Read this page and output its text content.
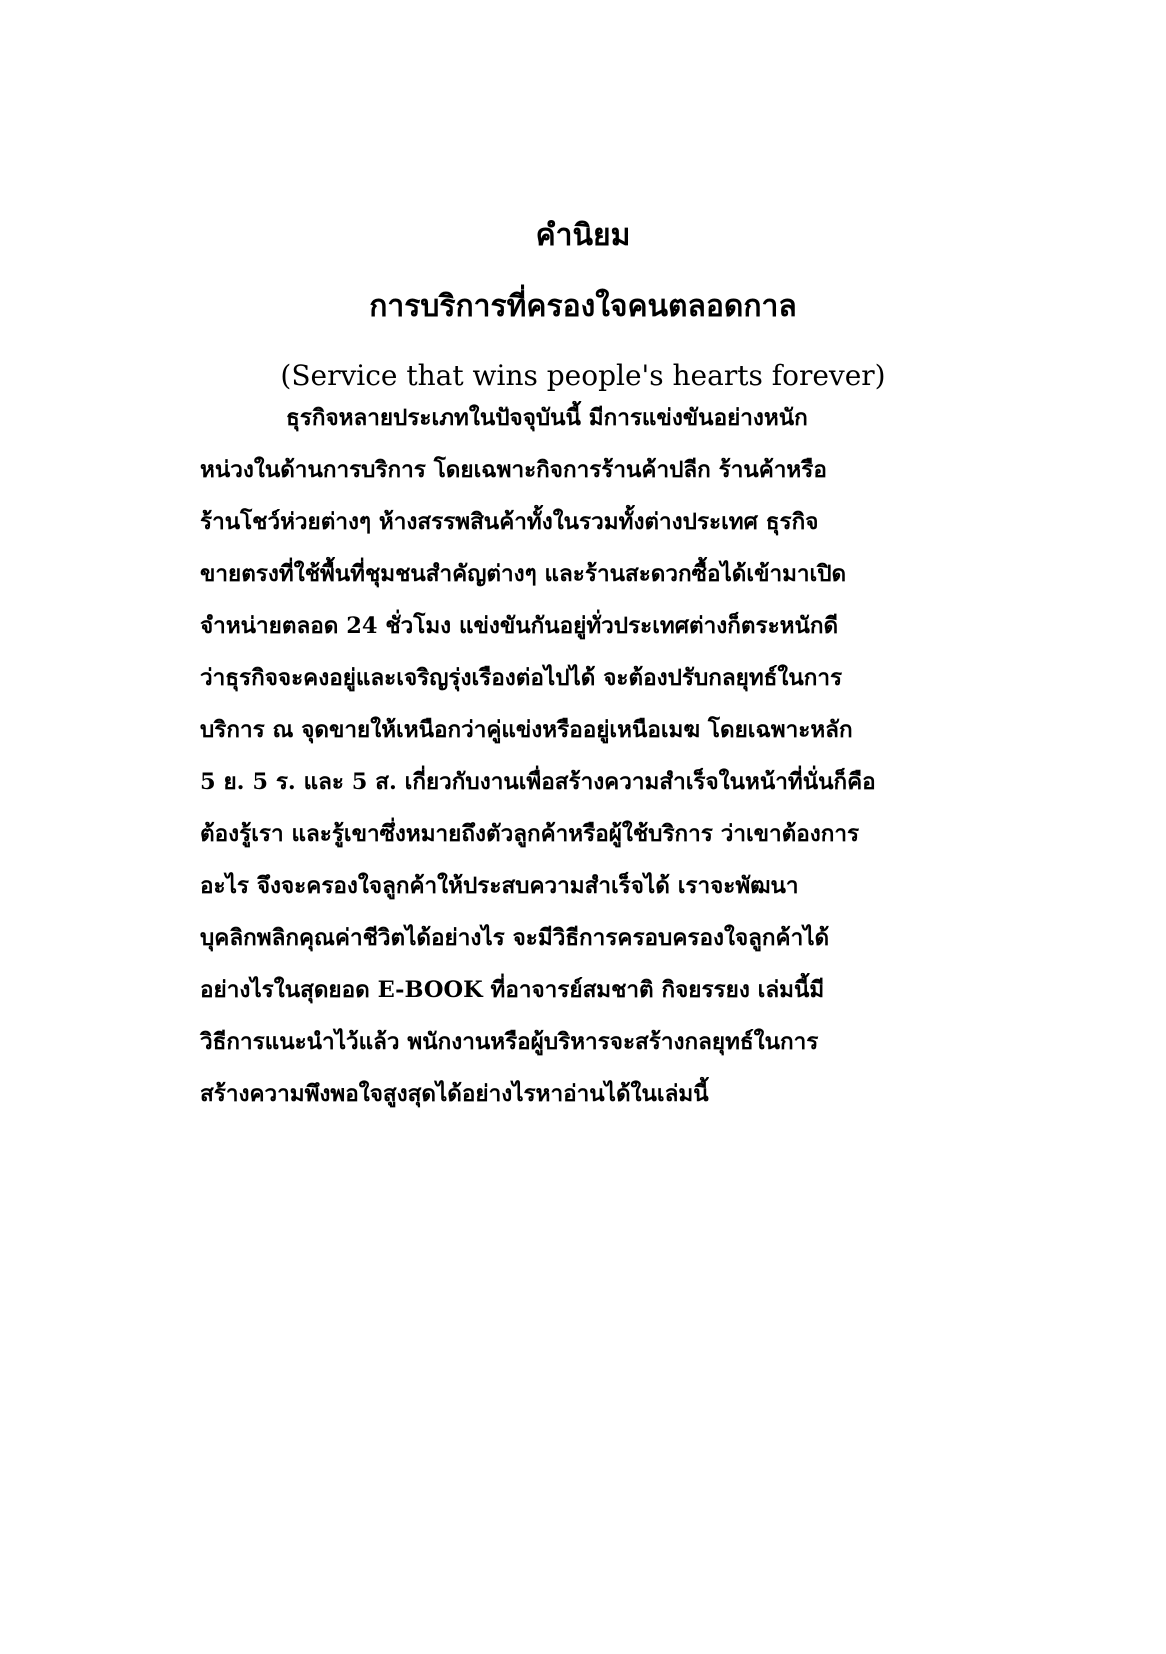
คำนิยม
การบริการที่ครองใจคนตลอดกาล
(Service that wins people's hearts forever)
ธุรกิจหลายประเภทในปัจจุบันนี้ มีการแข่งขันอย่างหนัก
หน่วงในด้านการบริการ โดยเฉพาะกิจการร้านค้าปลีก ร้านค้าหรือ
ร้านโชว์ห่วยต่างๆ ห้างสรรพสินค้าทั้งในรวมทั้งต่างประเทศ ธุรกิจ
ขายตรงที่ใช้พื้นที่ชุมชนสำคัญต่างๆ และร้านสะดวกซื้อได้เข้ามาเปิด
จำหน่ายตลอด 24 ชั่วโมง แข่งขันกันอยู่ทั่วประเทศต่างก็ตระหนักดี
ว่าธุรกิจจะคงอยู่และเจริญรุ่งเรืองต่อไปได้ จะต้องปรับกลยุทธ์ในการ
บริการ ณ จุดขายให้เหนือกว่าคู่แข่งหรืออยู่เหนือเมฆ โดยเฉพาะหลัก
5 ย. 5 ร. และ 5 ส. เกี่ยวกับงานเพื่อสร้างความสำเร็จในหน้าที่นั่นก็คือ
ต้องรู้เรา และรู้เขาซึ่งหมายถึงตัวลูกค้าหรือผู้ใช้บริการ ว่าเขาต้องการ
อะไร จึงจะครองใจลูกค้าให้ประสบความสำเร็จได้ เราจะพัฒนา
บุคลิกพลิกคุณค่าชีวิตได้อย่างไร จะมีวิธีการครอบครองใจลูกค้าได้
อย่างไรในสุดยอด E-BOOK ที่อาจารย์สมชาติ กิจยรรยง เล่มนี้มี
วิธีการแนะนำไว้แล้ว พนักงานหรือผู้บริหารจะสร้างกลยุทธ์ในการ
สร้างความพึงพอใจสูงสุดได้อย่างไรหาอ่านได้ในเล่มนี้
